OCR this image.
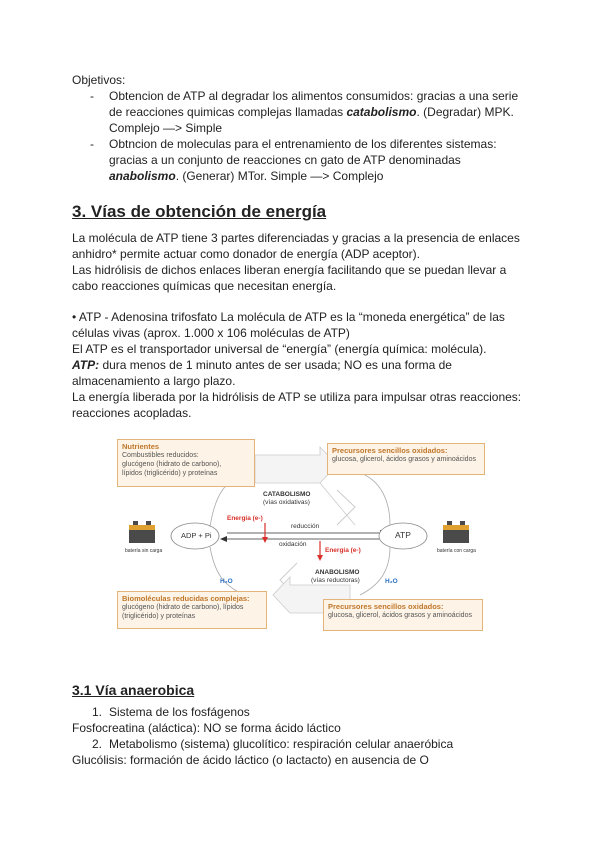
Objetivos:
- Obtencion de ATP al degradar los alimentos consumidos: gracias a una serie
de reacciones quimicas complejas llamadas catabolismo. (Degradar) MPK.
Complejo —> Simple
- Obtncion de moleculas para el entrenamiento de los diferentes sistemas:
gracias a un conjunto de reacciones cn gato de ATP denominadas
anabolismo. (Generar) MTor. Simple —> Complejo
3. Vías de obtención de energía
La molécula de ATP tiene 3 partes diferenciadas y gracias a la presencia de enlaces
anhidro* permite actuar como donador de energía (ADP aceptor).
Las hidrólisis de dichos enlaces liberan energía facilitando que se puedan llevar a
cabo reacciones químicas que necesitan energía.
• ATP - Adenosina trifosfato La molécula de ATP es la “moneda energética” de las
células vivas (aprox. 1.000 x 106 moléculas de ATP)
El ATP es el transportador universal de “energía” (energía química: molécula).
ATP: dura menos de 1 minuto antes de ser usada; NO es una forma de
almacenamiento a largo plazo.
La energía liberada por la hidrólisis de ATP se utiliza para impulsar otras reacciones:
reacciones acopladas.
Nutrientes
Combustibles reducidos:
glucógeno (hidrato de carbono),
lípidos (triglicérido) y proteínas
Precursores sencillos oxidados:
glucosa, glicerol, ácidos grasos y aminoácidos
CATABOLISMO
(vías oxidativas)
Energía (e-)
reducción
oxidación
ADP + Pi	ATP
batería sin carga	batería con carga
Energía (e-)
ANABOLISMO
(vías reductoras)
H₂O	H₂O
Biomoléculas reducidas complejas:
glucógeno (hidrato de carbono), lípidos
(triglicérido) y proteínas
Precursores sencillos oxidados:
glucosa, glicerol, ácidos grasos y aminoácidos
3.1 Vía anaerobica
1. Sistema de los fosfágenos
Fosfocreatina (aláctica): NO se forma ácido láctico
2. Metabolismo (sistema) glucolítico: respiración celular anaeróbica
Glucólisis: formación de ácido láctico (o lactacto) en ausencia de O
